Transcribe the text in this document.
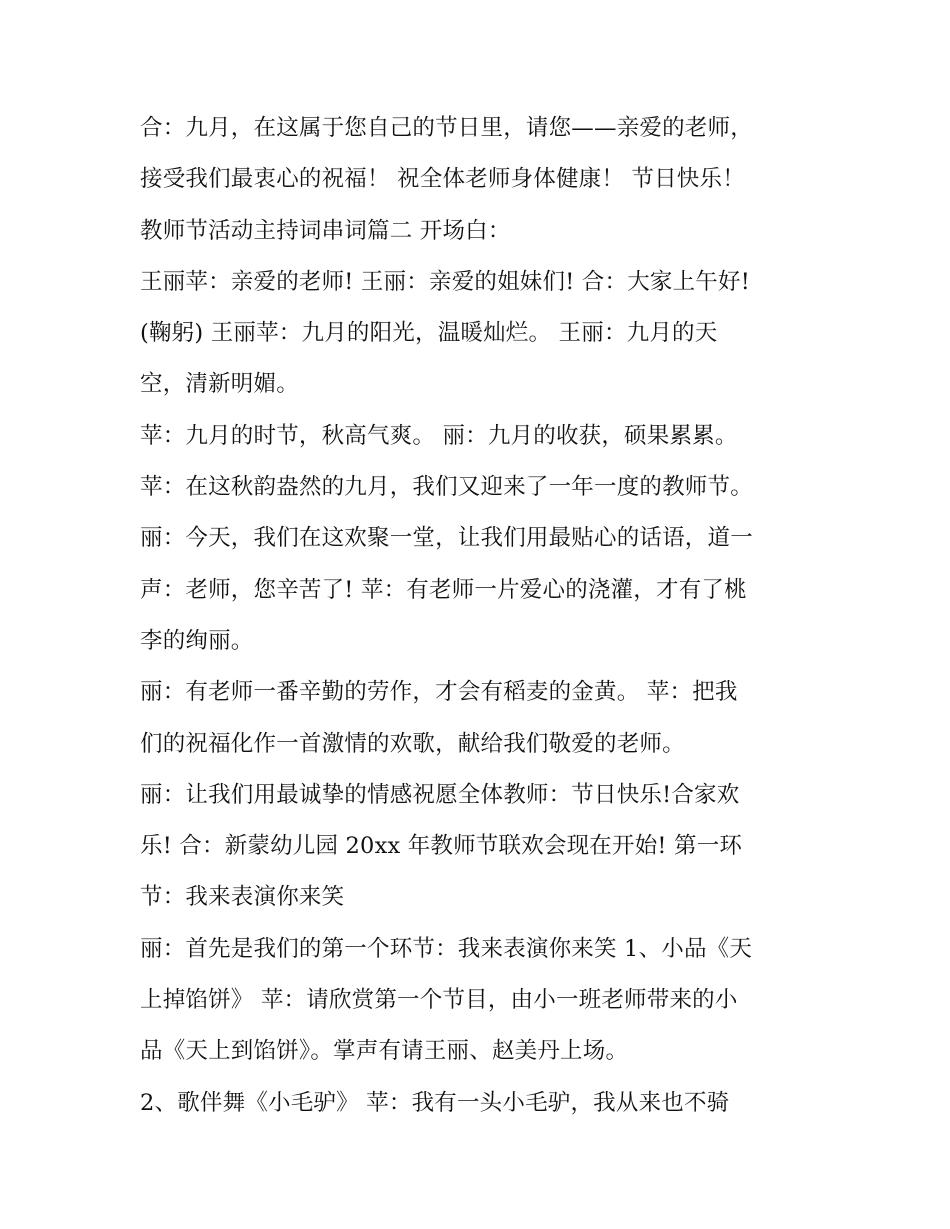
合：九月，在这属于您自己的节日里，请您——亲爱的老师，
接受我们最衷心的祝福！ 祝全体老师身体健康！ 节日快乐！
教师节活动主持词串词篇二 开场白：
王丽苹：亲爱的老师! 王丽：亲爱的姐妹们! 合：大家上午好!
(鞠躬) 王丽苹：九月的阳光，温暖灿烂。 王丽：九月的天
空，清新明媚。
苹：九月的时节，秋高气爽。 丽：九月的收获，硕果累累。
苹：在这秋韵盎然的九月，我们又迎来了一年一度的教师节。
丽：今天，我们在这欢聚一堂，让我们用最贴心的话语，道一
声：老师，您辛苦了! 苹：有老师一片爱心的浇灌，才有了桃
李的绚丽。
丽：有老师一番辛勤的劳作，才会有稻麦的金黄。 苹：把我
们的祝福化作一首激情的欢歌，献给我们敬爱的老师。
丽：让我们用最诚挚的情感祝愿全体教师：节日快乐!合家欢
乐! 合：新蒙幼儿园 20xx 年教师节联欢会现在开始! 第一环
节：我来表演你来笑
丽：首先是我们的第一个环节：我来表演你来笑 1、小品《天
上掉馅饼》 苹：请欣赏第一个节目，由小一班老师带来的小
品《天上到馅饼》。掌声有请王丽、赵美丹上场。
2、歌伴舞《小毛驴》 苹：我有一头小毛驴，我从来也不骑
